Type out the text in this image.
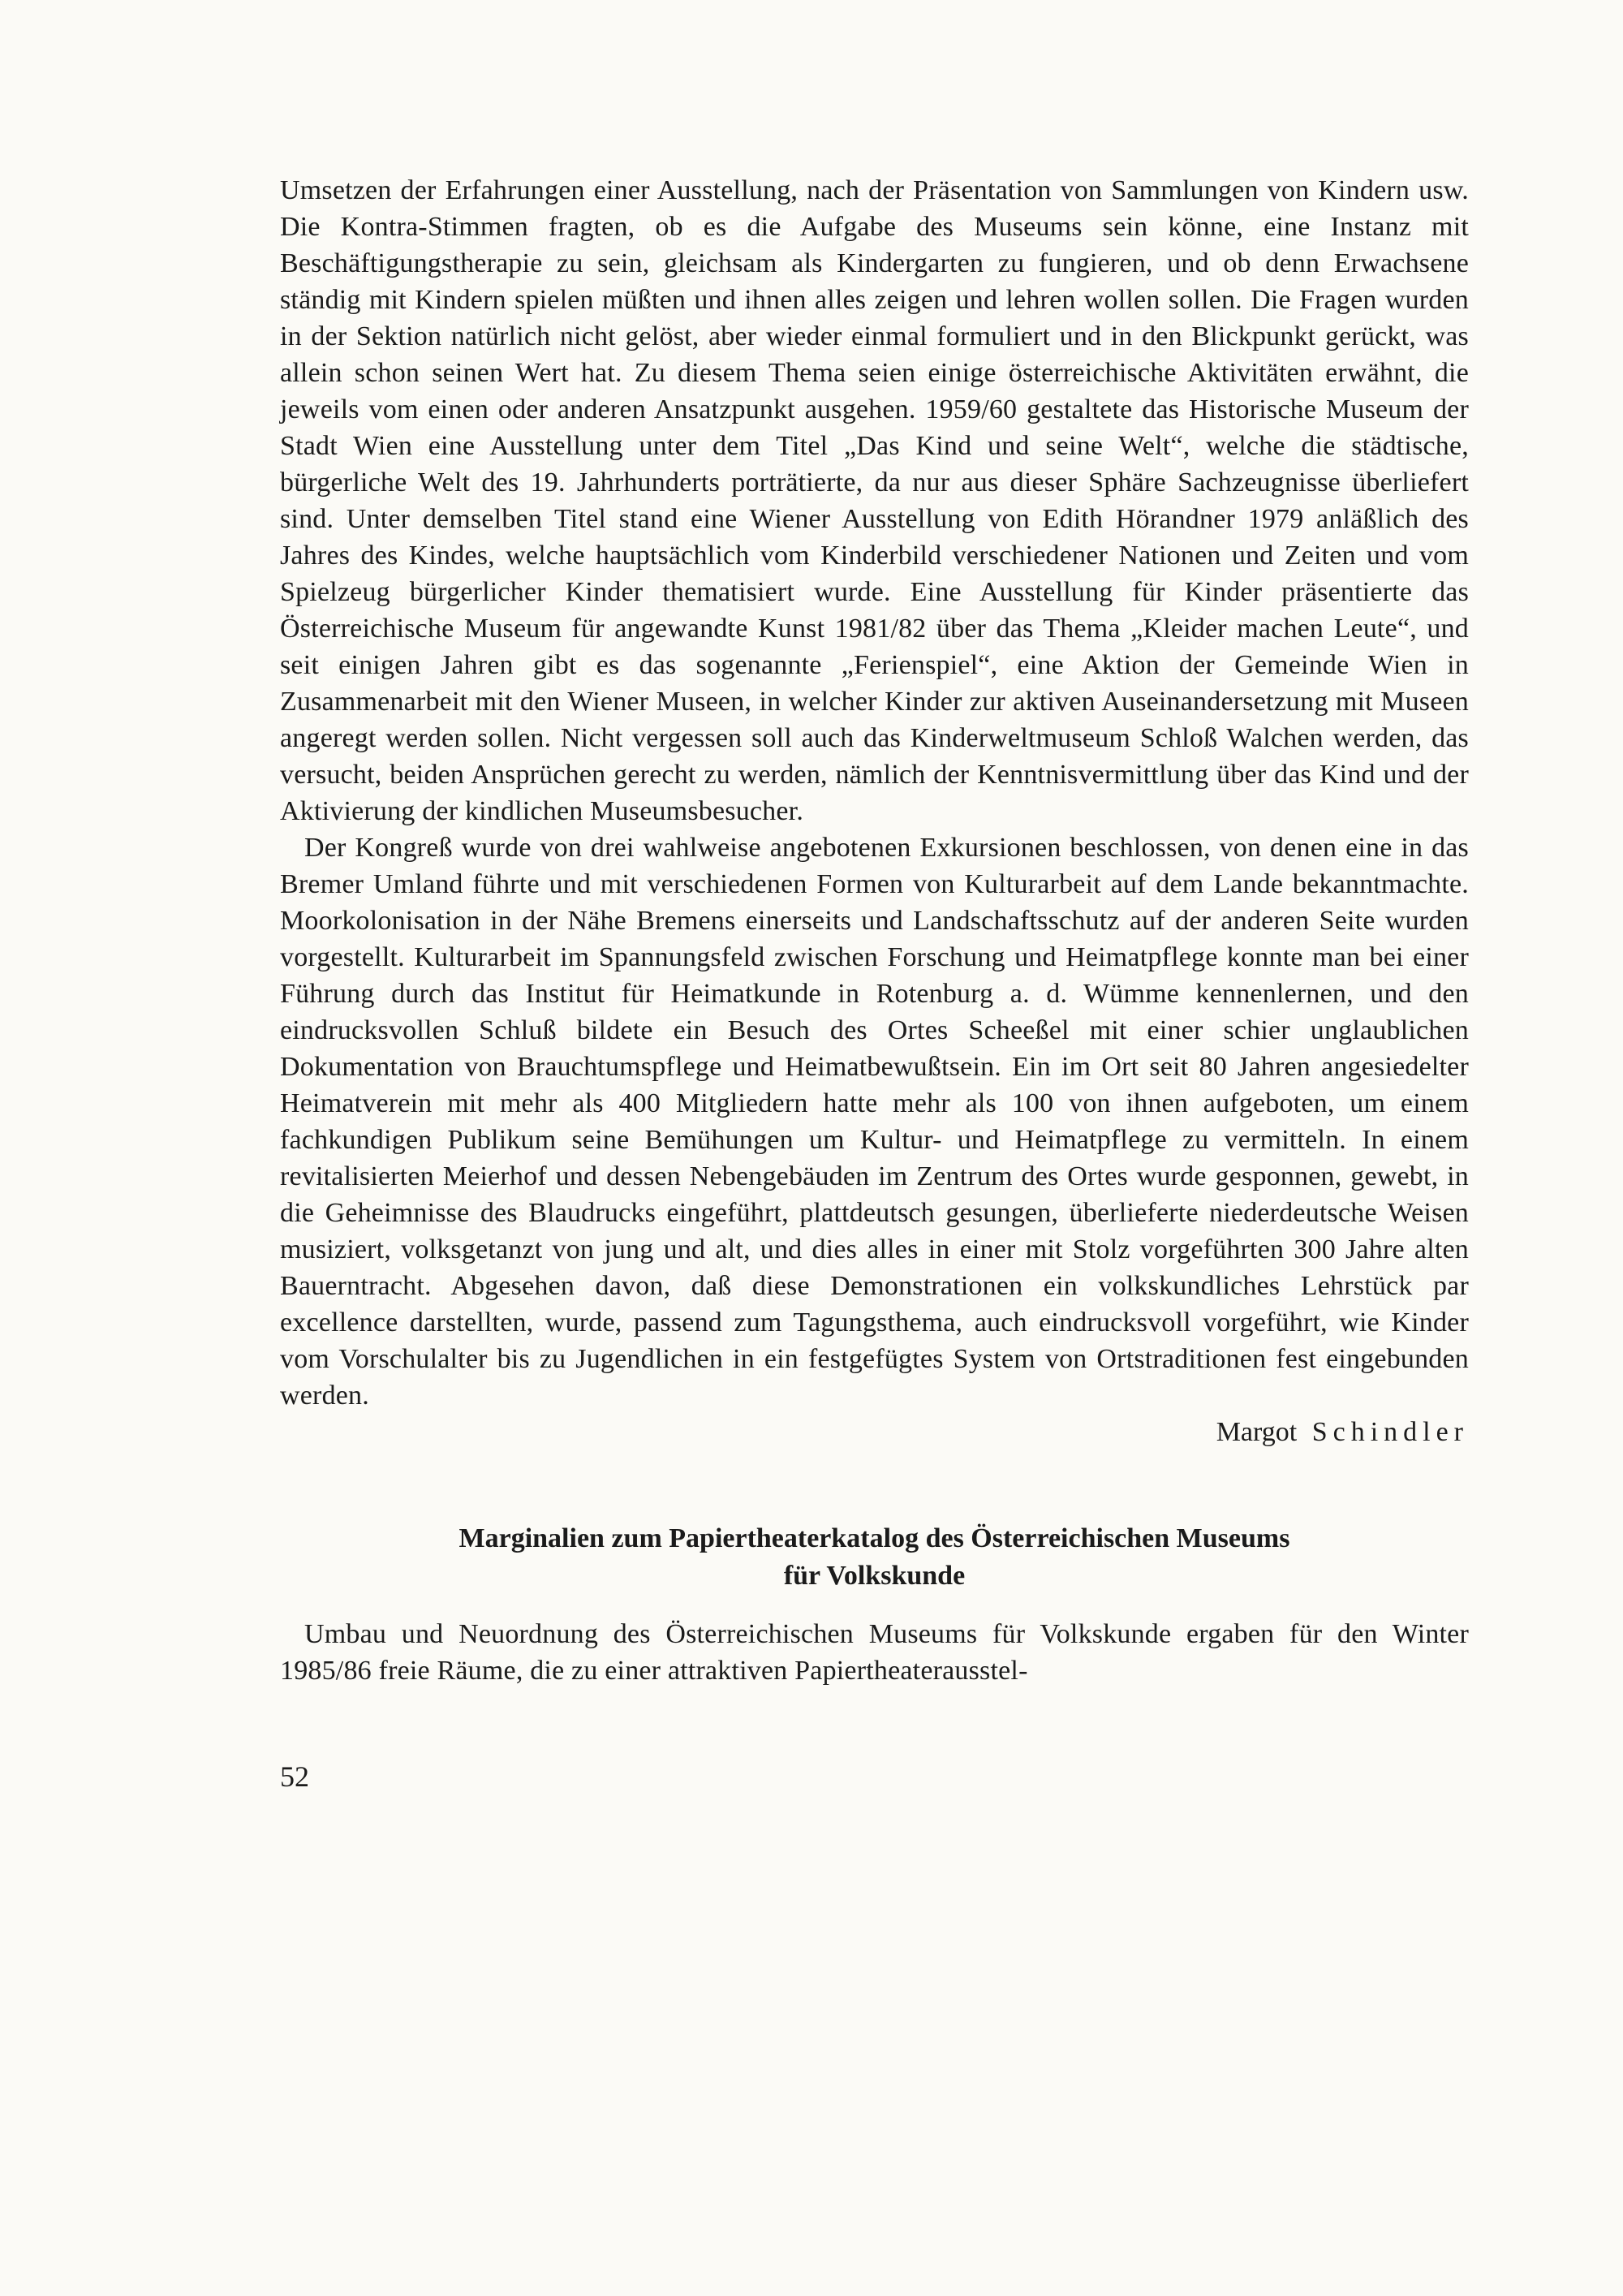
Umsetzen der Erfahrungen einer Ausstellung, nach der Präsentation von Sammlungen von Kindern usw. Die Kontra-Stimmen fragten, ob es die Aufgabe des Museums sein könne, eine Instanz mit Beschäftigungstherapie zu sein, gleichsam als Kindergarten zu fungieren, und ob denn Erwachsene ständig mit Kindern spielen müßten und ihnen alles zeigen und lehren wollen sollen. Die Fragen wurden in der Sektion natürlich nicht gelöst, aber wieder einmal formuliert und in den Blickpunkt gerückt, was allein schon seinen Wert hat. Zu diesem Thema seien einige österreichische Aktivitäten erwähnt, die jeweils vom einen oder anderen Ansatzpunkt ausgehen. 1959/60 gestaltete das Historische Museum der Stadt Wien eine Ausstellung unter dem Titel „Das Kind und seine Welt“, welche die städtische, bürgerliche Welt des 19. Jahrhunderts porträtierte, da nur aus dieser Sphäre Sachzeugnisse überliefert sind. Unter demselben Titel stand eine Wiener Ausstellung von Edith Hörandner 1979 anläßlich des Jahres des Kindes, welche hauptsächlich vom Kinderbild verschiedener Nationen und Zeiten und vom Spielzeug bürgerlicher Kinder thematisiert wurde. Eine Ausstellung für Kinder präsentierte das Österreichische Museum für angewandte Kunst 1981/82 über das Thema „Kleider machen Leute“, und seit einigen Jahren gibt es das sogenannte „Ferienspiel“, eine Aktion der Gemeinde Wien in Zusammenarbeit mit den Wiener Museen, in welcher Kinder zur aktiven Auseinandersetzung mit Museen angeregt werden sollen. Nicht vergessen soll auch das Kinderweltmuseum Schloß Walchen werden, das versucht, beiden Ansprüchen gerecht zu werden, nämlich der Kenntnisvermittlung über das Kind und der Aktivierung der kindlichen Museumsbesucher.

Der Kongreß wurde von drei wahlweise angebotenen Exkursionen beschlossen, von denen eine in das Bremer Umland führte und mit verschiedenen Formen von Kulturarbeit auf dem Lande bekanntmachte. Moorkolonisation in der Nähe Bremens einerseits und Landschaftsschutz auf der anderen Seite wurden vorgestellt. Kulturarbeit im Spannungsfeld zwischen Forschung und Heimatpflege konnte man bei einer Führung durch das Institut für Heimatkunde in Rotenburg a. d. Wümme kennenlernen, und den eindrucksvollen Schluß bildete ein Besuch des Ortes Scheeßel mit einer schier unglaublichen Dokumentation von Brauchtumspflege und Heimatbewußtsein. Ein im Ort seit 80 Jahren angesiedelter Heimatverein mit mehr als 400 Mitgliedern hatte mehr als 100 von ihnen aufgeboten, um einem fachkundigen Publikum seine Bemühungen um Kultur- und Heimatpflege zu vermitteln. In einem revitalisierten Meierhof und dessen Nebengebäuden im Zentrum des Ortes wurde gesponnen, gewebt, in die Geheimnisse des Blaudrucks eingeführt, plattdeutsch gesungen, überlieferte niederdeutsche Weisen musiziert, volksgetanzt von jung und alt, und dies alles in einer mit Stolz vorgeführten 300 Jahre alten Bauerntracht. Abgesehen davon, daß diese Demonstrationen ein volkskundliches Lehrstück par excellence darstellten, wurde, passend zum Tagungsthema, auch eindrucksvoll vorgeführt, wie Kinder vom Vorschulalter bis zu Jugendlichen in ein festgefügtes System von Ortstraditionen fest eingebunden werden.

Margot Schindler

Marginalien zum Papiertheaterkatalog des Österreichischen Museums
für Volkskunde

Umbau und Neuordnung des Österreichischen Museums für Volkskunde ergaben für den Winter 1985/86 freie Räume, die zu einer attraktiven Papiertheaterausstel-

52
